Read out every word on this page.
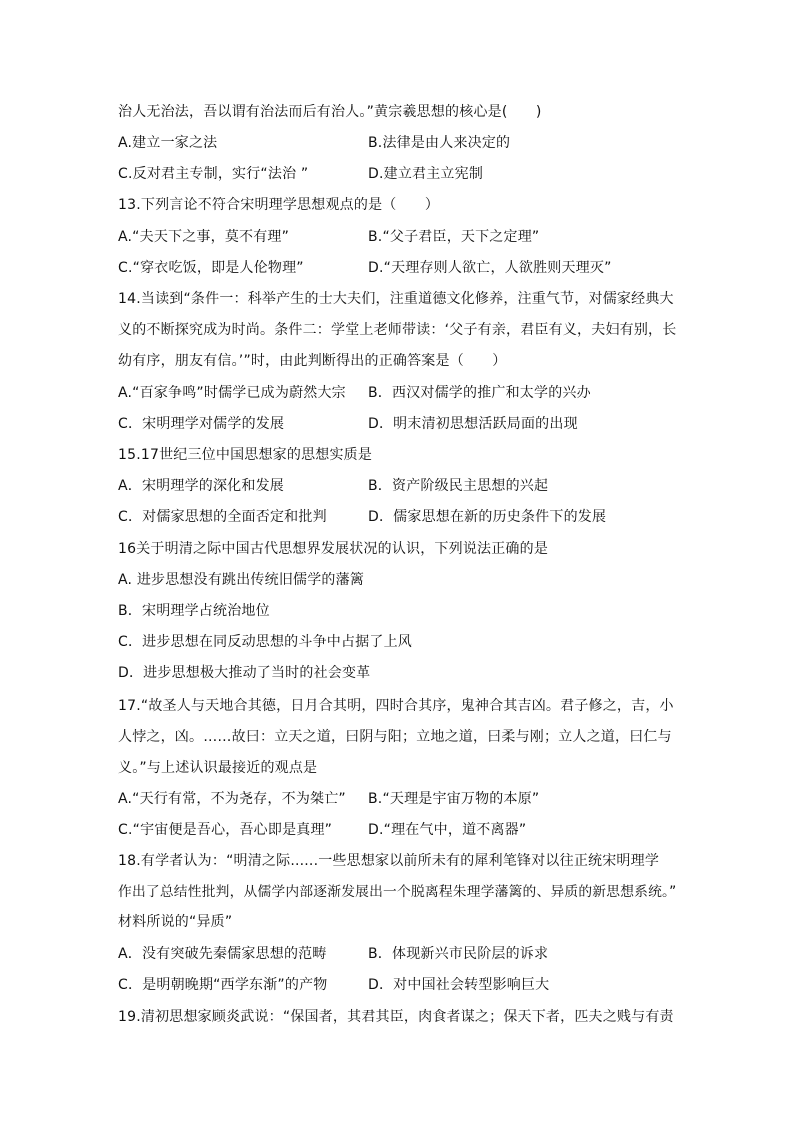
治人无治法，吾以谓有治法而后有治人。”黄宗羲思想的核心是(　　)
A.建立一家之法	B.法律是由人来决定的
C.反对君主专制，实行“法治 ”	D.建立君主立宪制
13.下列言论不符合宋明理学思想观点的是（　　）
A.“夫天下之事，莫不有理”	B.“父子君臣，天下之定理”
C.“穿衣吃饭，即是人伦物理”	D.“天理存则人欲亡，人欲胜则天理灭”
14.当读到“条件一：科举产生的士大夫们，注重道德文化修养，注重气节，对儒家经典大
义的不断探究成为时尚。条件二：学堂上老师带读：‘父子有亲，君臣有义，夫妇有别，长
幼有序，朋友有信。’”时，由此判断得出的正确答案是（　　）
A.“百家争鸣”时儒学已成为蔚然大宗 B．西汉对儒学的推广和太学的兴办
C．宋明理学对儒学的发展	D．明末清初思想活跃局面的出现
15.17世纪三位中国思想家的思想实质是
A．宋明理学的深化和发展	B．资产阶级民主思想的兴起
C．对儒家思想的全面否定和批判	D．儒家思想在新的历史条件下的发展
16关于明清之际中国古代思想界发展状况的认识，下列说法正确的是
A. 进步思想没有跳出传统旧儒学的藩篱
B．宋明理学占统治地位
C．进步思想在同反动思想的斗争中占据了上风
D．进步思想极大推动了当时的社会变革
17.“故圣人与天地合其德，日月合其明，四时合其序，鬼神合其吉凶。君子修之，吉，小
人悖之，凶。……故曰：立天之道，曰阴与阳；立地之道，曰柔与刚；立人之道，曰仁与
义。”与上述认识最接近的观点是
A.“天行有常，不为尧存，不为桀亡” B.“天理是宇宙万物的本原”
C.“宇宙便是吾心，吾心即是真理”	D.“理在气中，道不离器”
18.有学者认为：“明清之际......一些思想家以前所未有的犀利笔锋对以往正统宋明理学
作出了总结性批判，从儒学内部逐渐发展出一个脱离程朱理学藩篱的、异质的新思想系统。”
材料所说的“异质”
A．没有突破先秦儒家思想的范畴	B．体现新兴市民阶层的诉求
C．是明朝晚期“西学东渐”的产物	D．对中国社会转型影响巨大
19.清初思想家顾炎武说：“保国者，其君其臣，肉食者谋之；保天下者，匹夫之贱与有责
